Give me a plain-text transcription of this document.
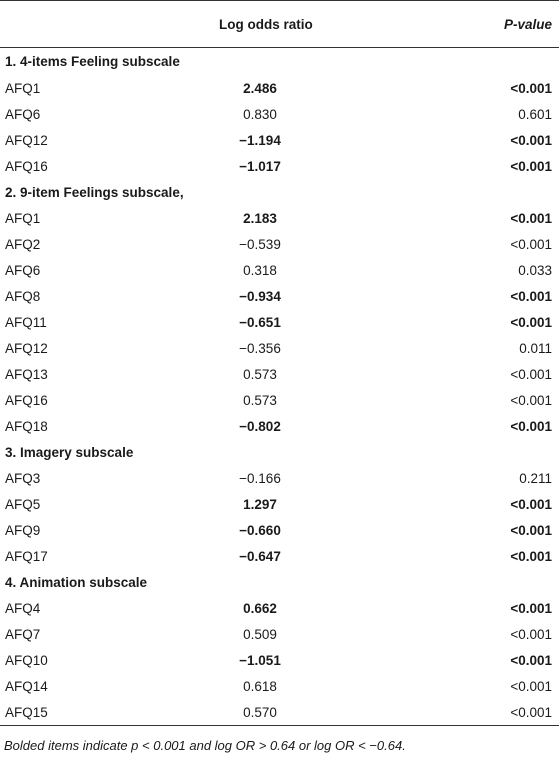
	Log odds ratio	P-value
1. 4-items Feeling subscale		
AFQ1	2.486	<0.001
AFQ6	0.830	0.601
AFQ12	−1.194	<0.001
AFQ16	−1.017	<0.001
2. 9-item Feelings subscale,		
AFQ1	2.183	<0.001
AFQ2	−0.539	<0.001
AFQ6	0.318	0.033
AFQ8	−0.934	<0.001
AFQ11	−0.651	<0.001
AFQ12	−0.356	0.011
AFQ13	0.573	<0.001
AFQ16	0.573	<0.001
AFQ18	−0.802	<0.001
3. Imagery subscale		
AFQ3	−0.166	0.211
AFQ5	1.297	<0.001
AFQ9	−0.660	<0.001
AFQ17	−0.647	<0.001
4. Animation subscale		
AFQ4	0.662	<0.001
AFQ7	0.509	<0.001
AFQ10	−1.051	<0.001
AFQ14	0.618	<0.001
AFQ15	0.570	<0.001
Bolded items indicate p < 0.001 and log OR > 0.64 or log OR < −0.64.
